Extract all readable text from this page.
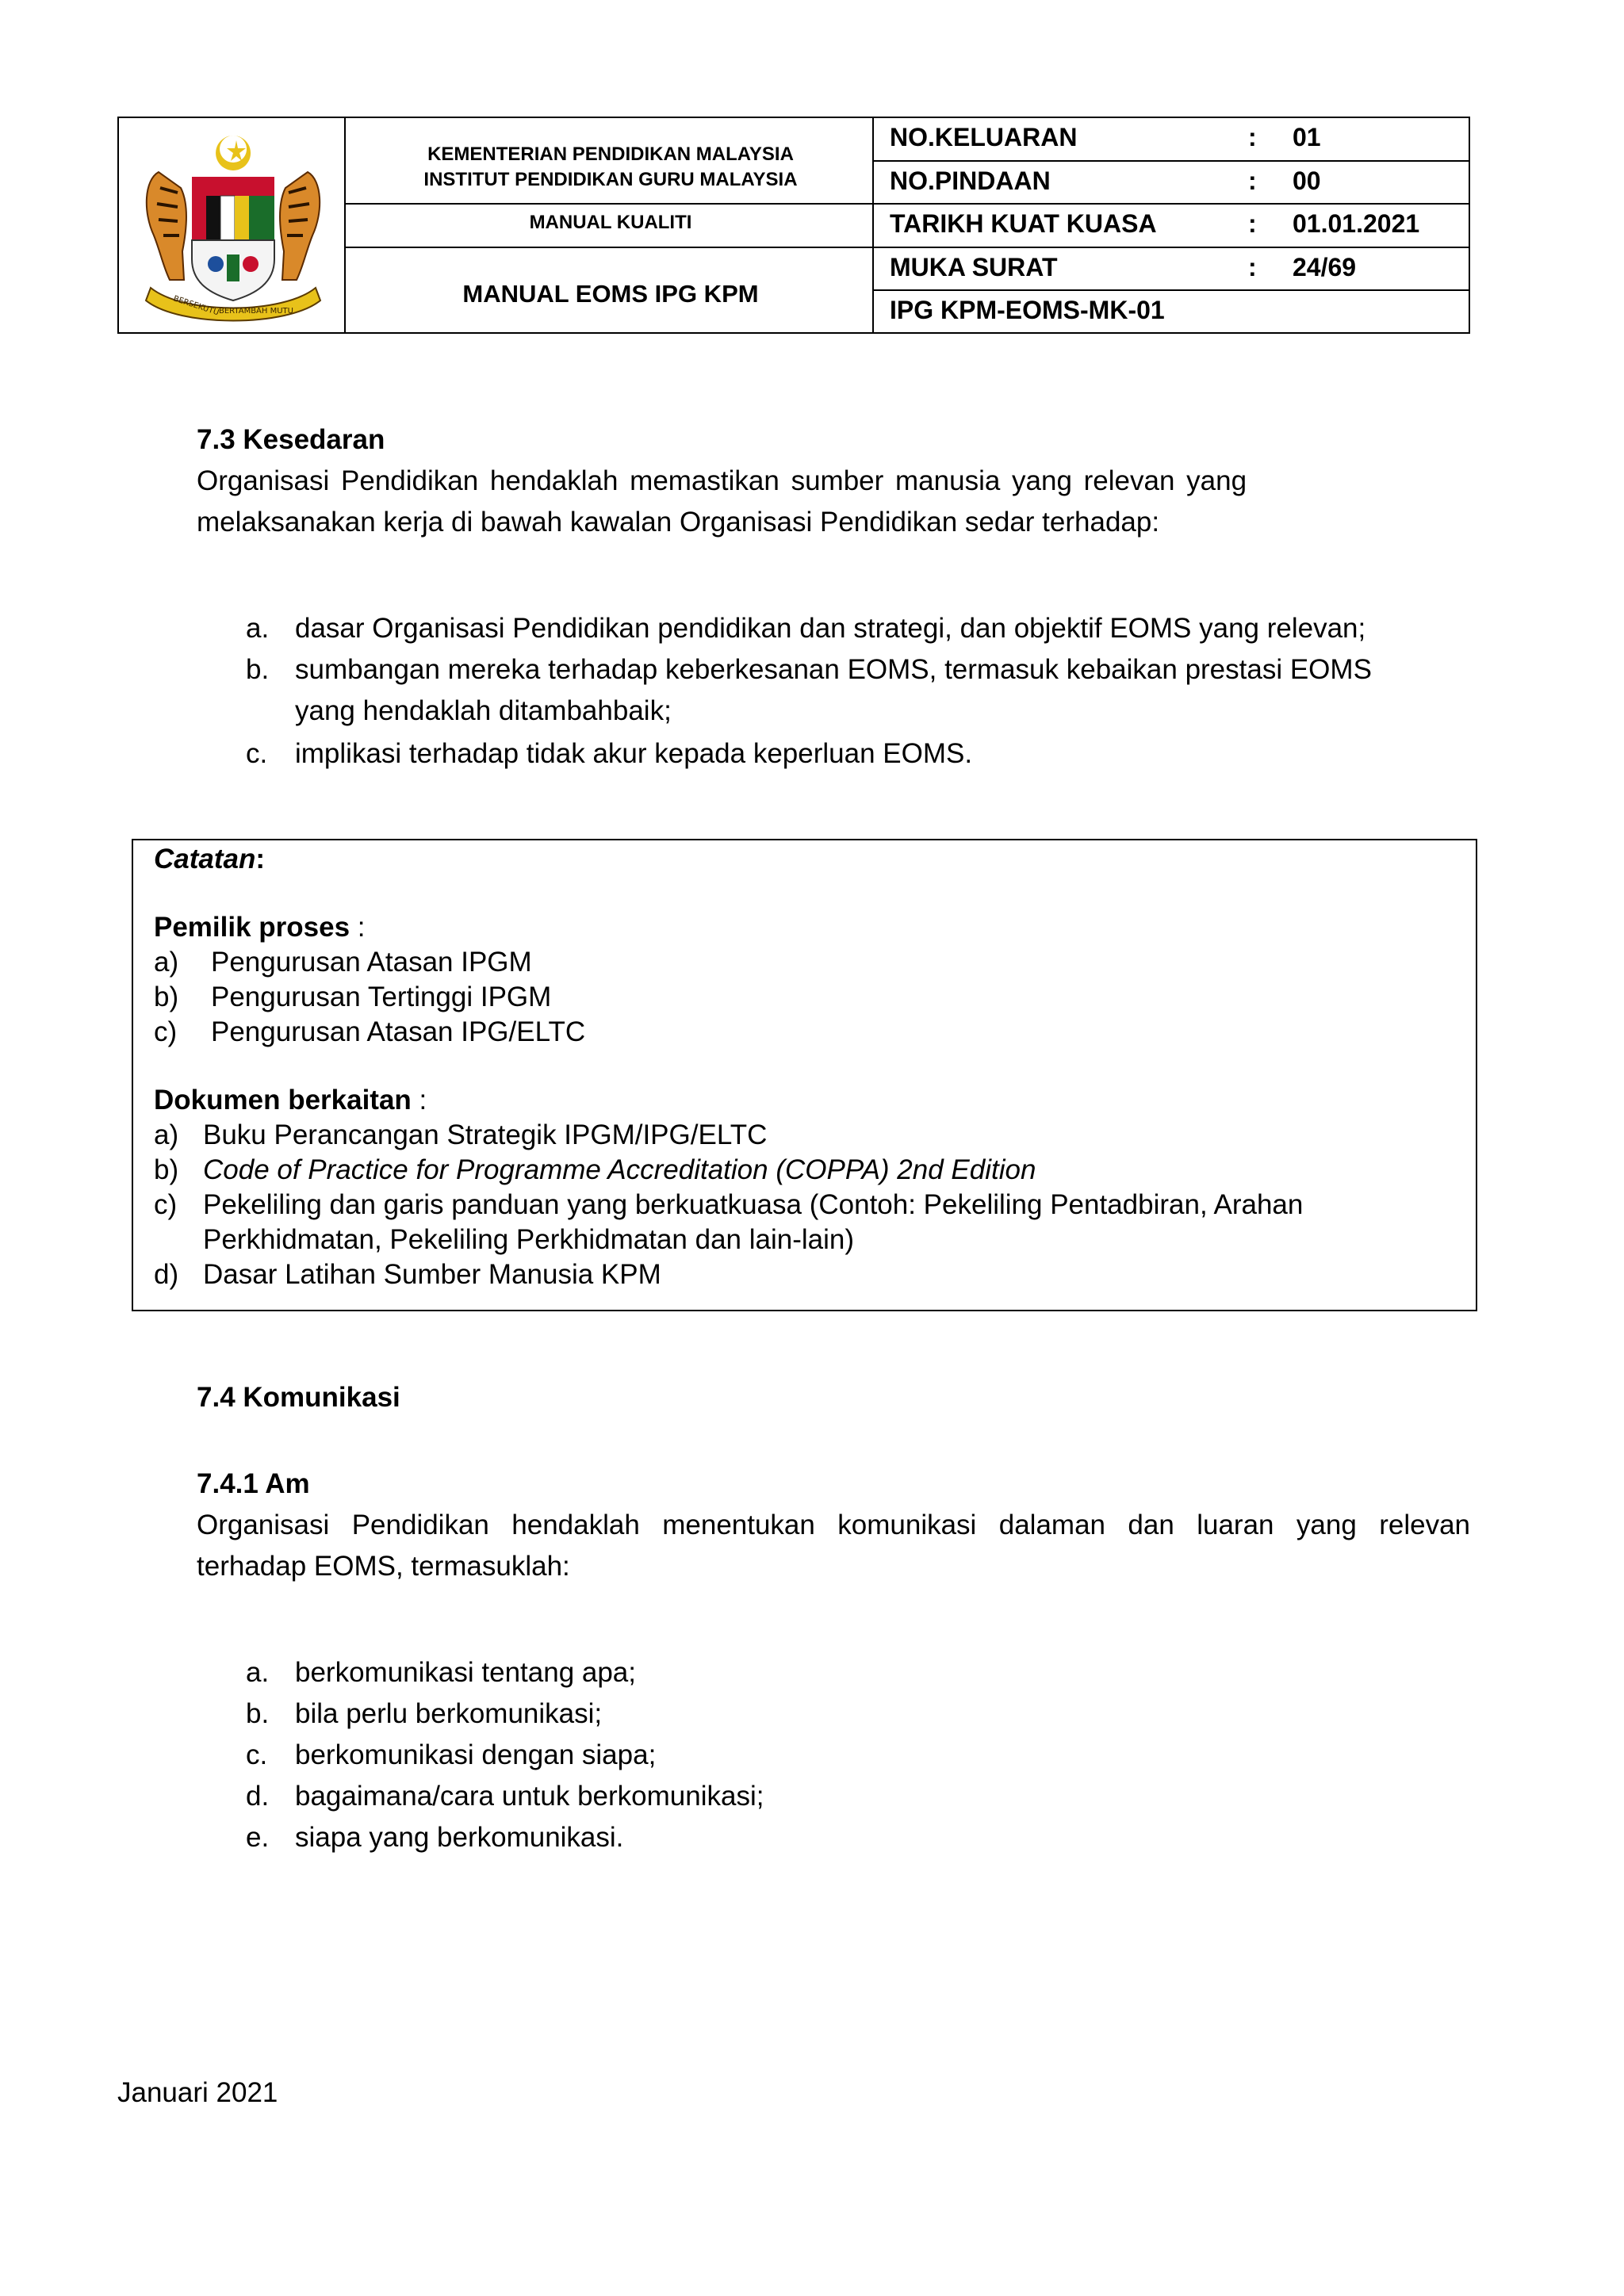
BERSEKUTU
BERTAMBAH MUTU
KEMENTERIAN PENDIDIKAN MALAYSIA
INSTITUT PENDIDIKAN GURU MALAYSIA
MANUAL KUALITI
MANUAL EOMS IPG KPM
NO.KELUARAN	: 01
NO.PINDAAN	: 00
TARIKH KUAT KUASA	: 01.01.2021
MUKA SURAT	: 24/69
IPG KPM-EOMS-MK-01
7.3 Kesedaran
Organisasi Pendidikan hendaklah memastikan sumber manusia yang relevan yang
melaksanakan kerja di bawah kawalan Organisasi Pendidikan sedar terhadap:
a. dasar Organisasi Pendidikan pendidikan dan strategi, dan objektif EOMS yang relevan;
b. sumbangan mereka terhadap keberkesanan EOMS, termasuk kebaikan prestasi EOMS
yang hendaklah ditambahbaik;
c. implikasi terhadap tidak akur kepada keperluan EOMS.
Catatan:
Pemilik proses :
a) Pengurusan Atasan IPGM
b) Pengurusan Tertinggi IPGM
c) Pengurusan Atasan IPG/ELTC
Dokumen berkaitan :
a) Buku Perancangan Strategik IPGM/IPG/ELTC
b) Code of Practice for Programme Accreditation (COPPA) 2nd Edition
c) Pekeliling dan garis panduan yang berkuatkuasa (Contoh: Pekeliling Pentadbiran, Arahan
Perkhidmatan, Pekeliling Perkhidmatan dan lain-lain)
d) Dasar Latihan Sumber Manusia KPM
7.4 Komunikasi
7.4.1 Am
Organisasi Pendidikan hendaklah menentukan komunikasi dalaman dan luaran yang relevan
terhadap EOMS, termasuklah:
a. berkomunikasi tentang apa;
b. bila perlu berkomunikasi;
c. berkomunikasi dengan siapa;
d. bagaimana/cara untuk berkomunikasi;
e. siapa yang berkomunikasi.
Januari 2021
